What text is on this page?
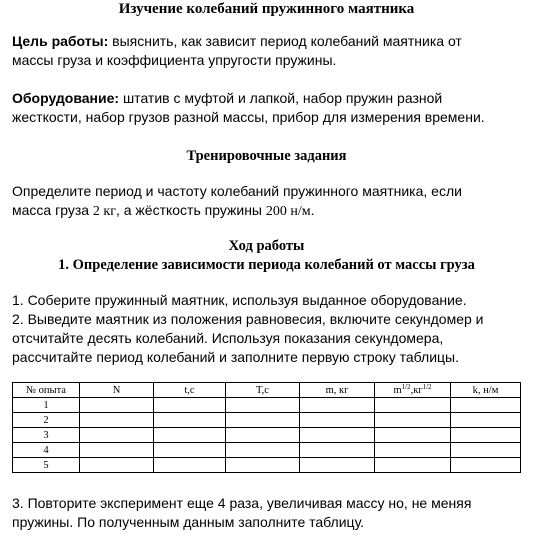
Изучение колебаний пружинного маятника
Цель работы: выяснить, как зависит период колебаний маятника от
массы груза и коэффициента упругости пружины.
Оборудование: штатив с муфтой и лапкой, набор пружин разной
жесткости, набор грузов разной массы, прибор для измерения времени.
Тренировочные задания
Определите период и частоту колебаний пружинного маятника, если
масса груза 2 кг, а жёсткость пружины 200 н/м.
Ход работы
1. Определение зависимости периода колебаний от массы груза
1. Соберите пружинный маятник, используя выданное оборудование.
2. Выведите маятник из положения равновесия, включите секундомер и
отсчитайте десять колебаний. Используя показания секундомера,
рассчитайте период колебаний и заполните первую строку таблицы.
№ опыта	N	t,c	T,c	m, кг	$m^{1/2},кг^{1/2}$	k, н/м
1						
2						
3						
4						
5						
3. Повторите эксперимент еще 4 раза, увеличивая массу но, не меняя
пружины. По полученным данным заполните таблицу.
